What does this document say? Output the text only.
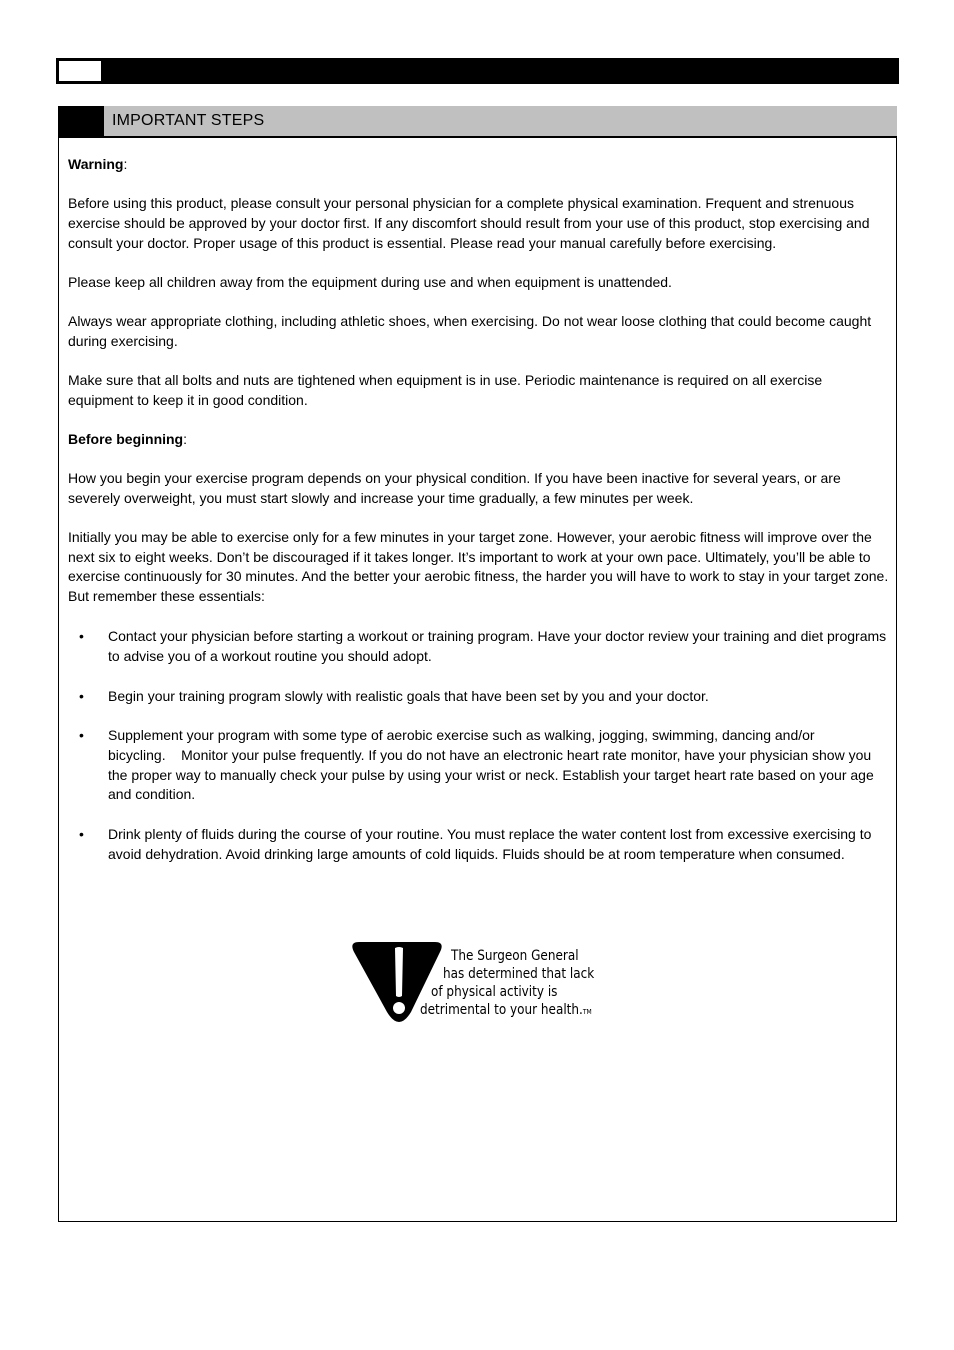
IMPORTANT STEPS

Warning:

Before using this product, please consult your personal physician for a complete physical examination. Frequent and strenuous exercise should be approved by your doctor first. If any discomfort should result from your use of this product, stop exercising and consult your doctor. Proper usage of this product is essential. Please read your manual carefully before exercising.

Please keep all children away from the equipment during use and when equipment is unattended.

Always wear appropriate clothing, including athletic shoes, when exercising. Do not wear loose clothing that could become caught during exercising.

Make sure that all bolts and nuts are tightened when equipment is in use. Periodic maintenance is required on all exercise equipment to keep it in good condition.

Before beginning:

How you begin your exercise program depends on your physical condition. If you have been inactive for several years, or are severely overweight, you must start slowly and increase your time gradually, a few minutes per week.

Initially you may be able to exercise only for a few minutes in your target zone. However, your aerobic fitness will improve over the next six to eight weeks. Don’t be discouraged if it takes longer. It’s important to work at your own pace. Ultimately, you’ll be able to exercise continuously for 30 minutes. And the better your aerobic fitness, the harder you will have to work to stay in your target zone. But remember these essentials:

• Contact your physician before starting a workout or training program. Have your doctor review your training and diet programs to advise you of a workout routine you should adopt.
• Begin your training program slowly with realistic goals that have been set by you and your doctor.
• Supplement your program with some type of aerobic exercise such as walking, jogging, swimming, dancing and/or bicycling.    Monitor your pulse frequently. If you do not have an electronic heart rate monitor, have your physician show you the proper way to manually check your pulse by using your wrist or neck. Establish your target heart rate based on your age and condition.
• Drink plenty of fluids during the course of your routine. You must replace the water content lost from excessive exercising to avoid dehydration. Avoid drinking large amounts of cold liquids. Fluids should be at room temperature when consumed.
The Surgeon General
has determined that lack
of physical activity is
detrimental to your health.TM
